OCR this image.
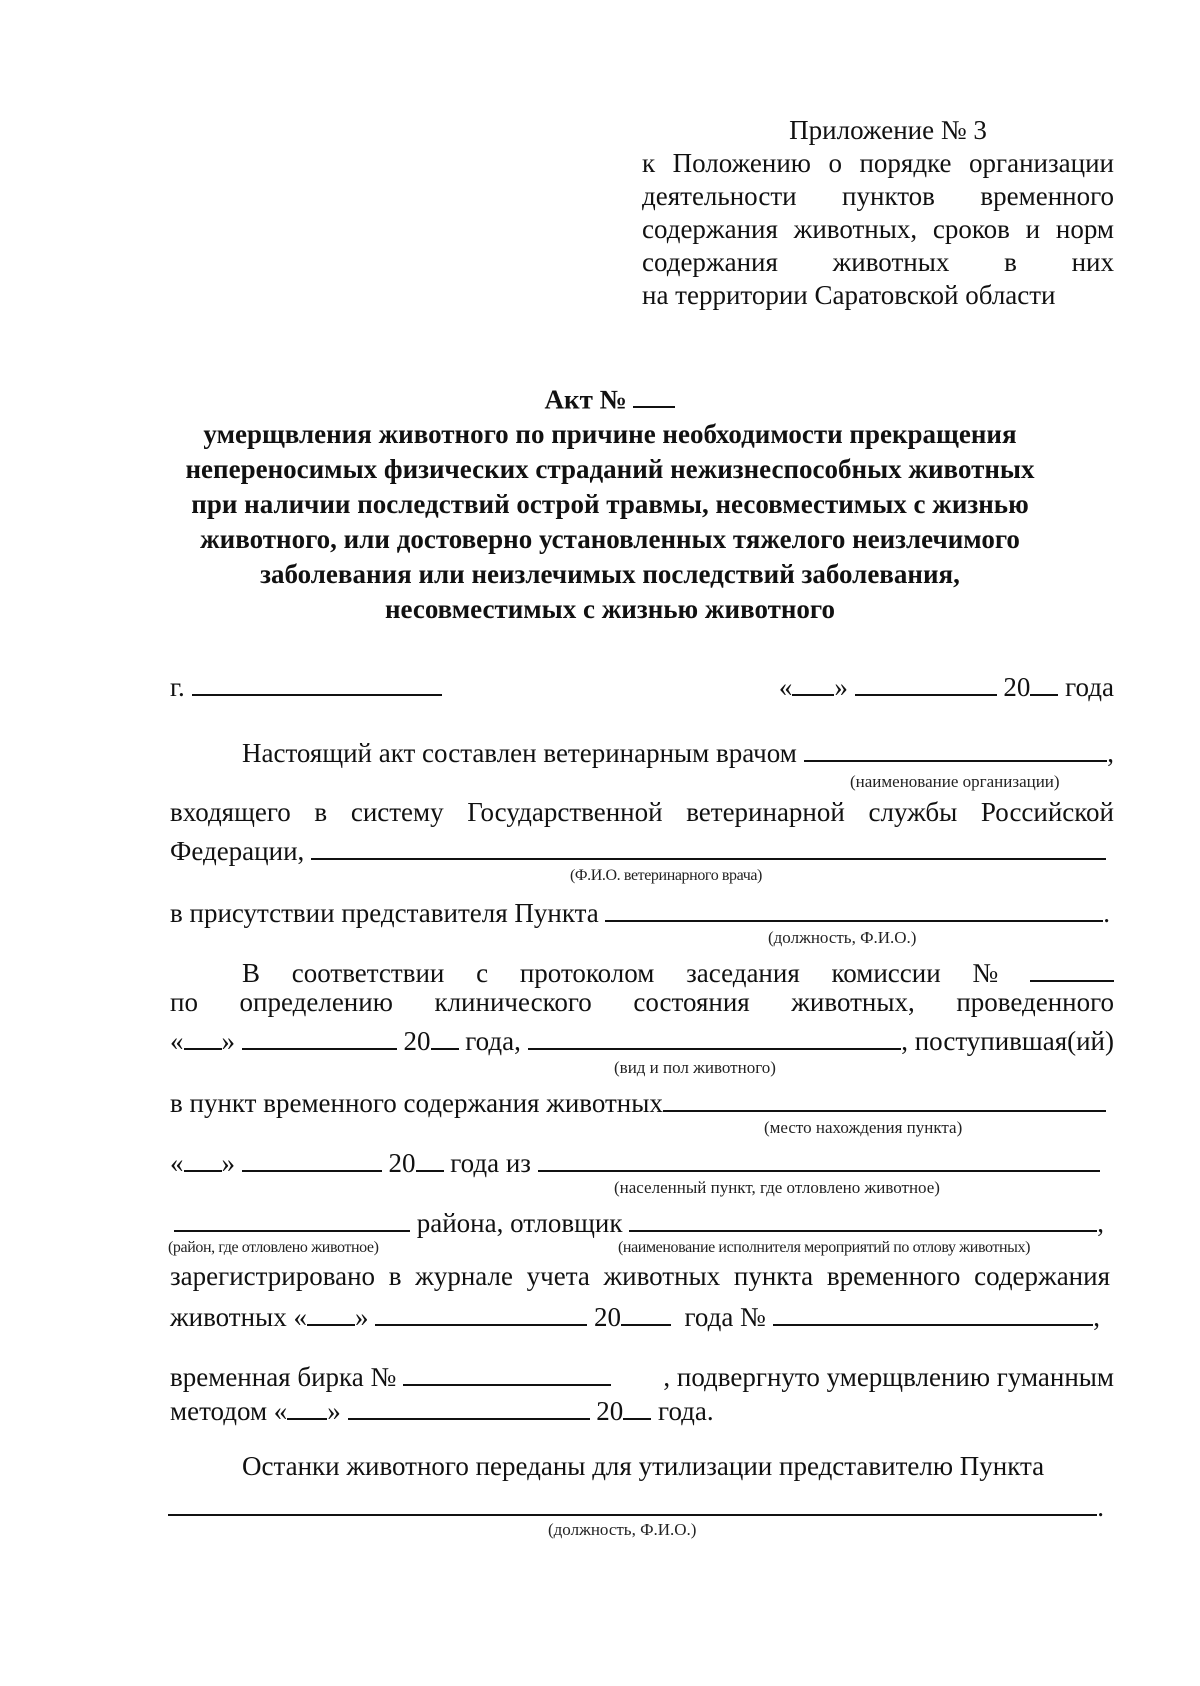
Приложение № 3
к Положению о порядке организации
деятельности пунктов временного
содержания животных, сроков и норм
содержания животных в них
на территории Саратовской области
Акт №
умерщвления животного по причине необходимости прекращения
непереносимых физических страданий нежизнеспособных животных
при наличии последствий острой травмы, несовместимых с жизнью
животного, или достоверно установленных тяжелого неизлечимого
заболевания или неизлечимых последствий заболевания,
несовместимых с жизнью животного
г.
	« »

	20
года
Настоящий акт составлен ветеринарным врачом
	,
(наименование организации)
входящего в систему Государственной ветеринарной службы Российской
Федерации,

(Ф.И.О. ветеринарного врача)
в присутствии представителя Пункта
	.
(должность, Ф.И.О.)
В соответствии с протоколом заседания комиссии №
по определению клинического состояния животных, проведенного
« »

	20
года,
	, поступившая(ий)
(вид и пол животного)
в пункт временного содержания животных
(место нахождения пункта)
« »

	20
года из

(населенный пункт, где отловлено животное)

района, отловщик
	,
(район, где отловлено животное)	(наименование исполнителя мероприятий по отлову животных)
зарегистрировано в журнале учета животных пункта временного содержания
животных
« »

	20
года №
	,
временная бирка №
	, подвергнуто умерщвлению гуманным
методом
« »

	20
года.
Останки животного переданы для утилизации представителю Пункта
.
(должность, Ф.И.О.)
